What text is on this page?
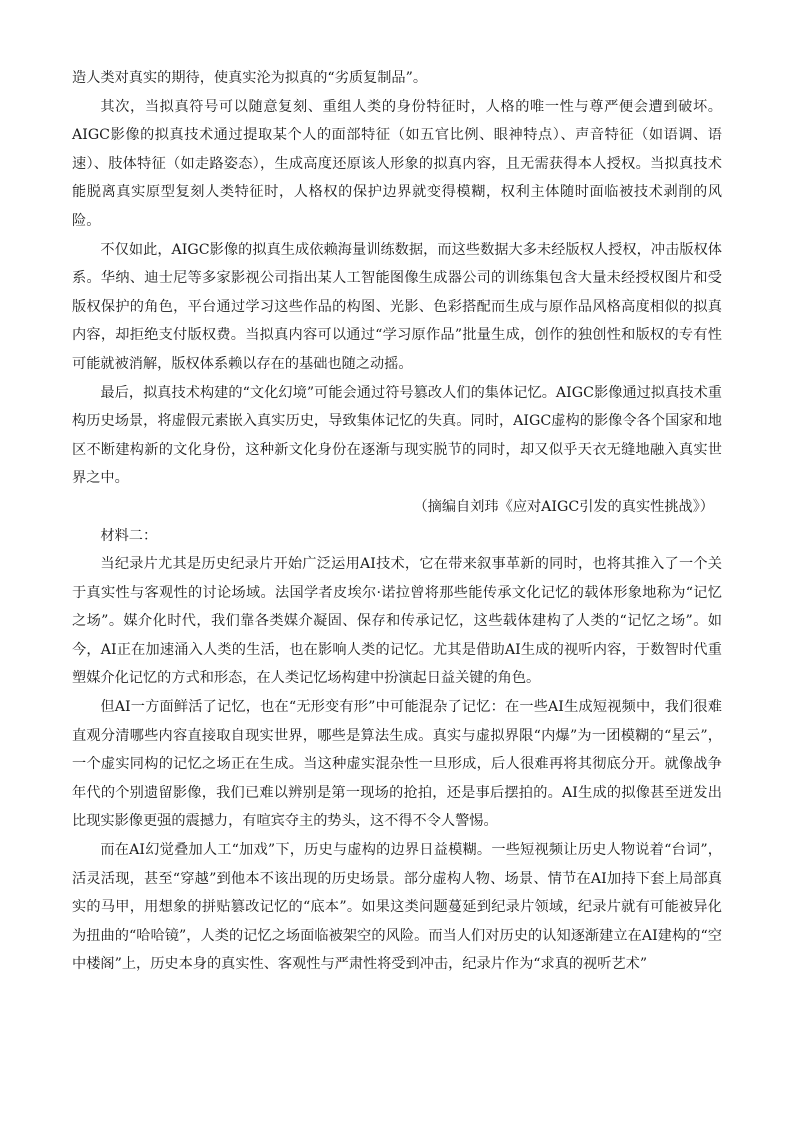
造人类对真实的期待，使真实沦为拟真的“劣质复制品”。

其次，当拟真符号可以随意复刻、重组人类的身份特征时，人格的唯一性与尊严便会遭到破坏。AIGC影像的拟真技术通过提取某个人的面部特征（如五官比例、眼神特点）、声音特征（如语调、语速）、肢体特征（如走路姿态），生成高度还原该人形象的拟真内容，且无需获得本人授权。当拟真技术能脱离真实原型复刻人类特征时，人格权的保护边界就变得模糊，权利主体随时面临被技术剥削的风险。

不仅如此，AIGC影像的拟真生成依赖海量训练数据，而这些数据大多未经版权人授权，冲击版权体系。华纳、迪士尼等多家影视公司指出某人工智能图像生成器公司的训练集包含大量未经授权图片和受版权保护的角色，平台通过学习这些作品的构图、光影、色彩搭配而生成与原作品风格高度相似的拟真内容，却拒绝支付版权费。当拟真内容可以通过“学习原作品”批量生成，创作的独创性和版权的专有性可能就被消解，版权体系赖以存在的基础也随之动摇。

最后，拟真技术构建的“文化幻境”可能会通过符号篡改人们的集体记忆。AIGC影像通过拟真技术重构历史场景，将虚假元素嵌入真实历史，导致集体记忆的失真。同时，AIGC虚构的影像令各个国家和地区不断建构新的文化身份，这种新文化身份在逐渐与现实脱节的同时，却又似乎天衣无缝地融入真实世界之中。

（摘编自刘玮《应对AIGC引发的真实性挑战》）

材料二：

当纪录片尤其是历史纪录片开始广泛运用AI技术，它在带来叙事革新的同时，也将其推入了一个关于真实性与客观性的讨论场域。法国学者皮埃尔·诺拉曾将那些能传承文化记忆的载体形象地称为“记忆之场”。媒介化时代，我们靠各类媒介凝固、保存和传承记忆，这些载体建构了人类的“记忆之场”。如今，AI正在加速涌入人类的生活，也在影响人类的记忆。尤其是借助AI生成的视听内容，于数智时代重塑媒介化记忆的方式和形态，在人类记忆场构建中扮演起日益关键的角色。

但AI一方面鲜活了记忆，也在“无形变有形”中可能混杂了记忆：在一些AI生成短视频中，我们很难直观分清哪些内容直接取自现实世界，哪些是算法生成。真实与虚拟界限“内爆”为一团模糊的“星云”，一个虚实同构的记忆之场正在生成。当这种虚实混杂性一旦形成，后人很难再将其彻底分开。就像战争年代的个别遗留影像，我们已难以辨别是第一现场的抢拍，还是事后摆拍的。AI生成的拟像甚至迸发出比现实影像更强的震撼力，有喧宾夺主的势头，这不得不令人警惕。

而在AI幻觉叠加人工“加戏”下，历史与虚构的边界日益模糊。一些短视频让历史人物说着“台词”，活灵活现，甚至“穿越”到他本不该出现的历史场景。部分虚构人物、场景、情节在AI加持下套上局部真实的马甲，用想象的拼贴篡改记忆的“底本”。如果这类问题蔓延到纪录片领域，纪录片就有可能被异化为扭曲的“哈哈镜”，人类的记忆之场面临被架空的风险。而当人们对历史的认知逐渐建立在AI建构的“空中楼阁”上，历史本身的真实性、客观性与严肃性将受到冲击，纪录片作为“求真的视听艺术”
